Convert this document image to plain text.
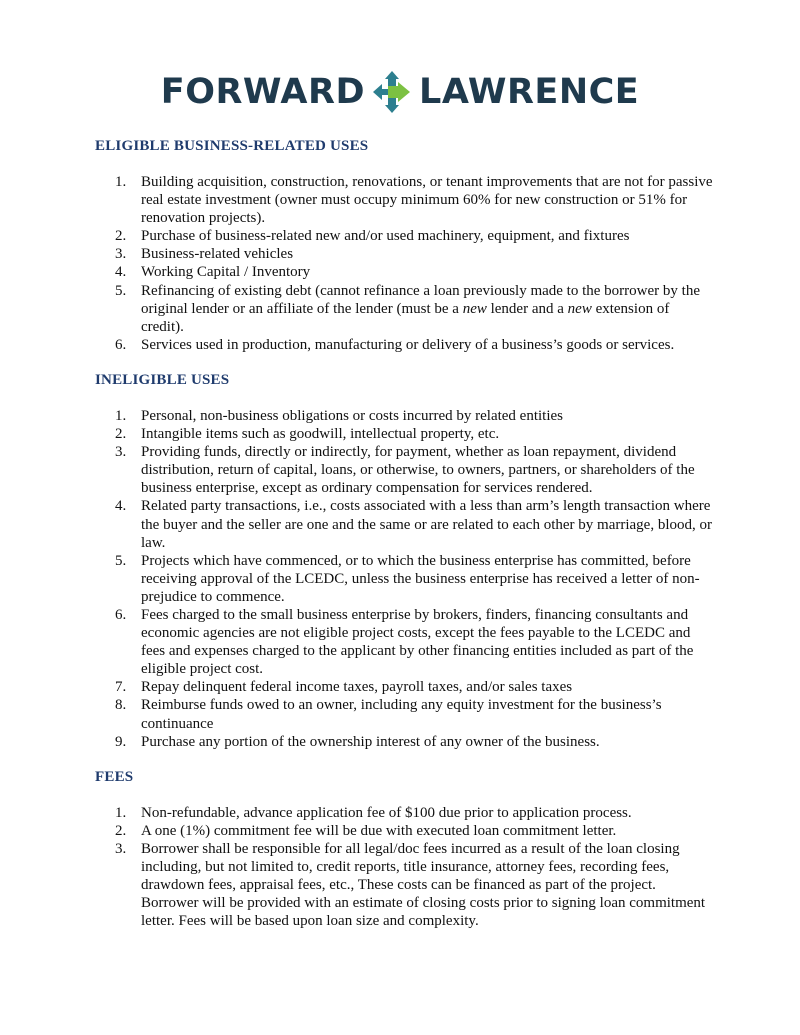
FORWARD LAWRENCE
ELIGIBLE BUSINESS-RELATED USES
1. Building acquisition, construction, renovations, or tenant improvements that are not for passive real estate investment (owner must occupy minimum 60% for new construction or 51% for renovation projects).
2. Purchase of business-related new and/or used machinery, equipment, and fixtures
3. Business-related vehicles
4. Working Capital / Inventory
5. Refinancing of existing debt (cannot refinance a loan previously made to the borrower by the original lender or an affiliate of the lender (must be a new lender and a new extension of credit).
6. Services used in production, manufacturing or delivery of a business’s goods or services.
INELIGIBLE USES
1. Personal, non-business obligations or costs incurred by related entities
2. Intangible items such as goodwill, intellectual property, etc.
3. Providing funds, directly or indirectly, for payment, whether as loan repayment, dividend distribution, return of capital, loans, or otherwise, to owners, partners, or shareholders of the business enterprise, except as ordinary compensation for services rendered.
4. Related party transactions, i.e., costs associated with a less than arm’s length transaction where the buyer and the seller are one and the same or are related to each other by marriage, blood, or law.
5. Projects which have commenced, or to which the business enterprise has committed, before receiving approval of the LCEDC, unless the business enterprise has received a letter of non-prejudice to commence.
6. Fees charged to the small business enterprise by brokers, finders, financing consultants and economic agencies are not eligible project costs, except the fees payable to the LCEDC and fees and expenses charged to the applicant by other financing entities included as part of the eligible project cost.
7. Repay delinquent federal income taxes, payroll taxes, and/or sales taxes
8. Reimburse funds owed to an owner, including any equity investment for the business’s continuance
9. Purchase any portion of the ownership interest of any owner of the business.
FEES
1. Non-refundable, advance application fee of $100 due prior to application process.
2. A one (1%) commitment fee will be due with executed loan commitment letter.
3. Borrower shall be responsible for all legal/doc fees incurred as a result of the loan closing including, but not limited to, credit reports, title insurance, attorney fees, recording fees, drawdown fees, appraisal fees, etc., These costs can be financed as part of the project. Borrower will be provided with an estimate of closing costs prior to signing loan commitment letter. Fees will be based upon loan size and complexity.
